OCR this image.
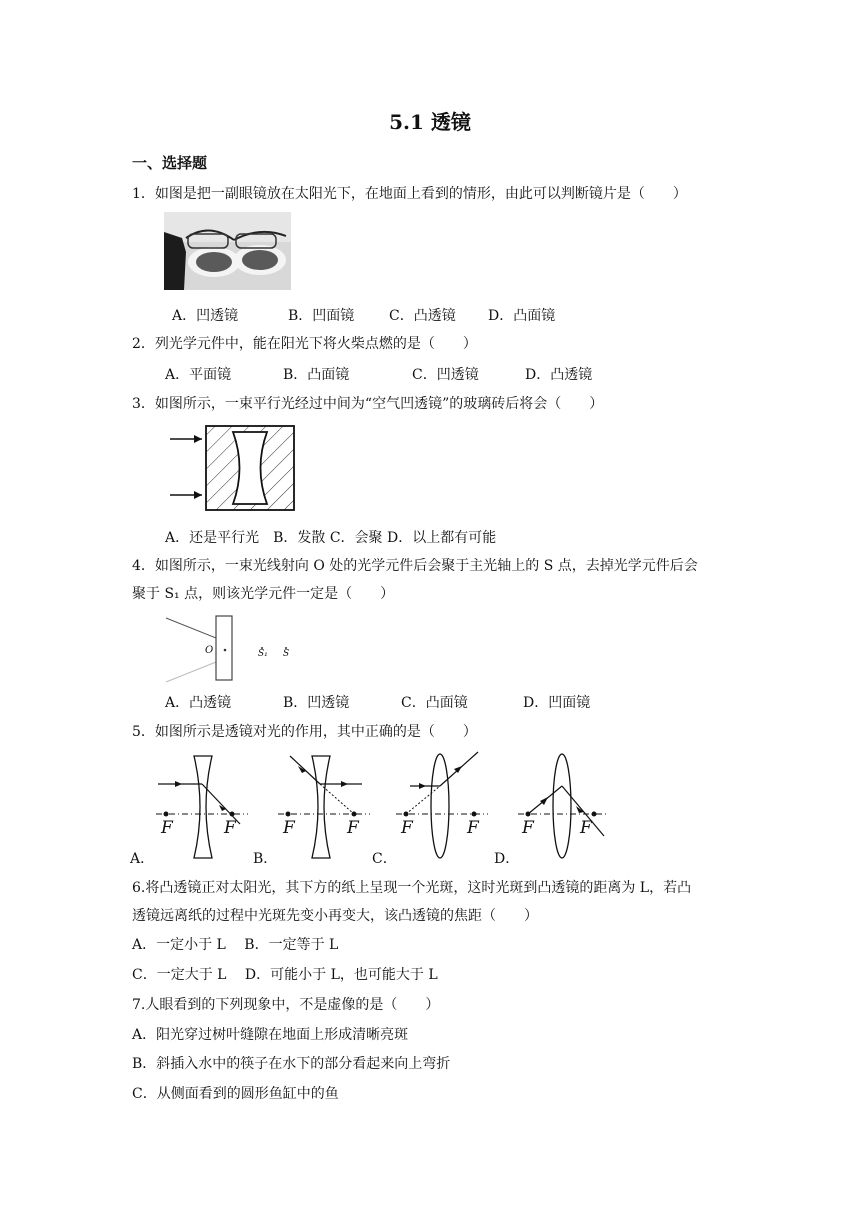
5.1 透镜
一、选择题
1．如图是把一副眼镜放在太阳光下，在地面上看到的情形，由此可以判断镜片是（　　）
A．凹透镜	B．凹面镜 C．凸透镜 D．凸面镜
2．列光学元件中，能在阳光下将火柴点燃的是（　　）
A．平面镜	B．凸面镜	C．凹透镜	D．凸透镜
3．如图所示，一束平行光经过中间为“空气凹透镜”的玻璃砖后将会（　　）
A．还是平行光　B．发散 C．会聚 D．以上都有可能
4．如图所示，一束光线射向 O 处的光学元件后会聚于主光轴上的 S 点，去掉光学元件后会
聚于 S₁ 点，则该光学元件一定是（　　）
O	S₁ S
A．凸透镜	B．凹透镜	C．凸面镜	D．凹面镜
5．如图所示是透镜对光的作用，其中正确的是（　　）
F	F
A．
F	F
B．
F	F
C．
F	F
D．
6.将凸透镜正对太阳光，其下方的纸上呈现一个光斑，这时光斑到凸透镜的距离为 L，若凸
透镜远离纸的过程中光斑先变小再变大，该凸透镜的焦距（　　）
A．一定小于 L　 B．一定等于 L
C．一定大于 L　 D．可能小于 L，也可能大于 L
7.人眼看到的下列现象中，不是虚像的是（　　）
A．阳光穿过树叶缝隙在地面上形成清晰亮斑
B．斜插入水中的筷子在水下的部分看起来向上弯折
C．从侧面看到的圆形鱼缸中的鱼
